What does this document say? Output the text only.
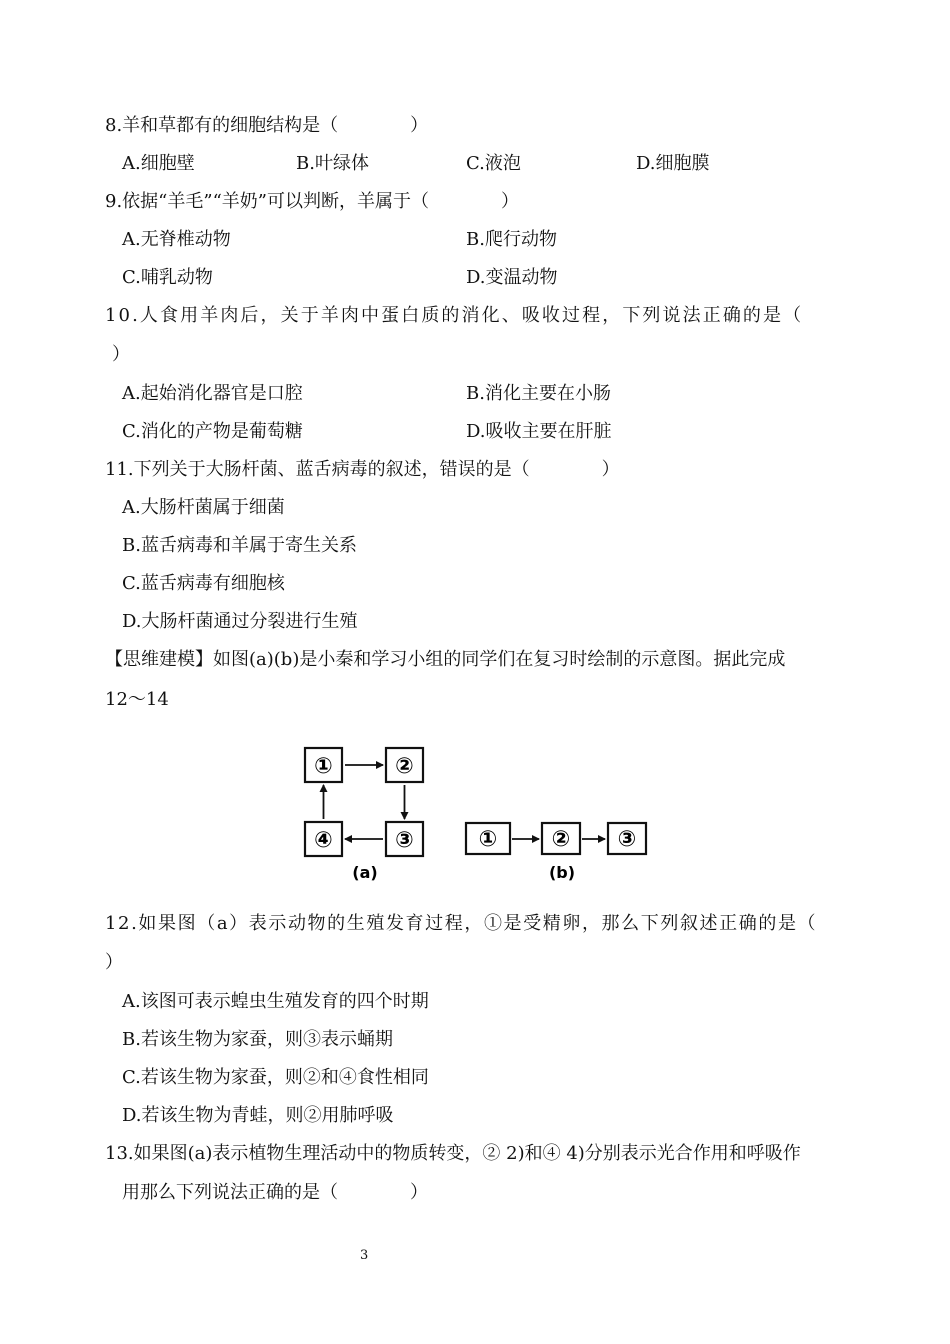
8.羊和草都有的细胞结构是（　　　　）
A.细胞壁	B.叶绿体	C.液泡	D.细胞膜
9.依据“羊毛”“羊奶”可以判断，羊属于（　　　　）
A.无脊椎动物	B.爬行动物
C.哺乳动物	D.变温动物
10.人食用羊肉后，关于羊肉中蛋白质的消化、吸收过程，下列说法正确的是（
）
A.起始消化器官是口腔	B.消化主要在小肠
C.消化的产物是葡萄糖	D.吸收主要在肝脏
11.下列关于大肠杆菌、蓝舌病毒的叙述，错误的是（　　　　）
A.大肠杆菌属于细菌
B.蓝舌病毒和羊属于寄生关系
C.蓝舌病毒有细胞核
D.大肠杆菌通过分裂进行生殖
【思维建模】如图(a)(b)是小秦和学习小组的同学们在复习时绘制的示意图。据此完成
12～14
①	②
③
④
(a)
① ② ③
(b)
12.如果图（a）表示动物的生殖发育过程，①是受精卵，那么下列叙述正确的是（
）
A.该图可表示蝗虫生殖发育的四个时期
B.若该生物为家蚕，则③表示蛹期
C.若该生物为家蚕，则②和④食性相同
D.若该生物为青蛙，则②用肺呼吸
13.如果图(a)表示植物生理活动中的物质转变，② 2)和④ 4)分别表示光合作用和呼吸作
用那么下列说法正确的是（　　　　）
3
